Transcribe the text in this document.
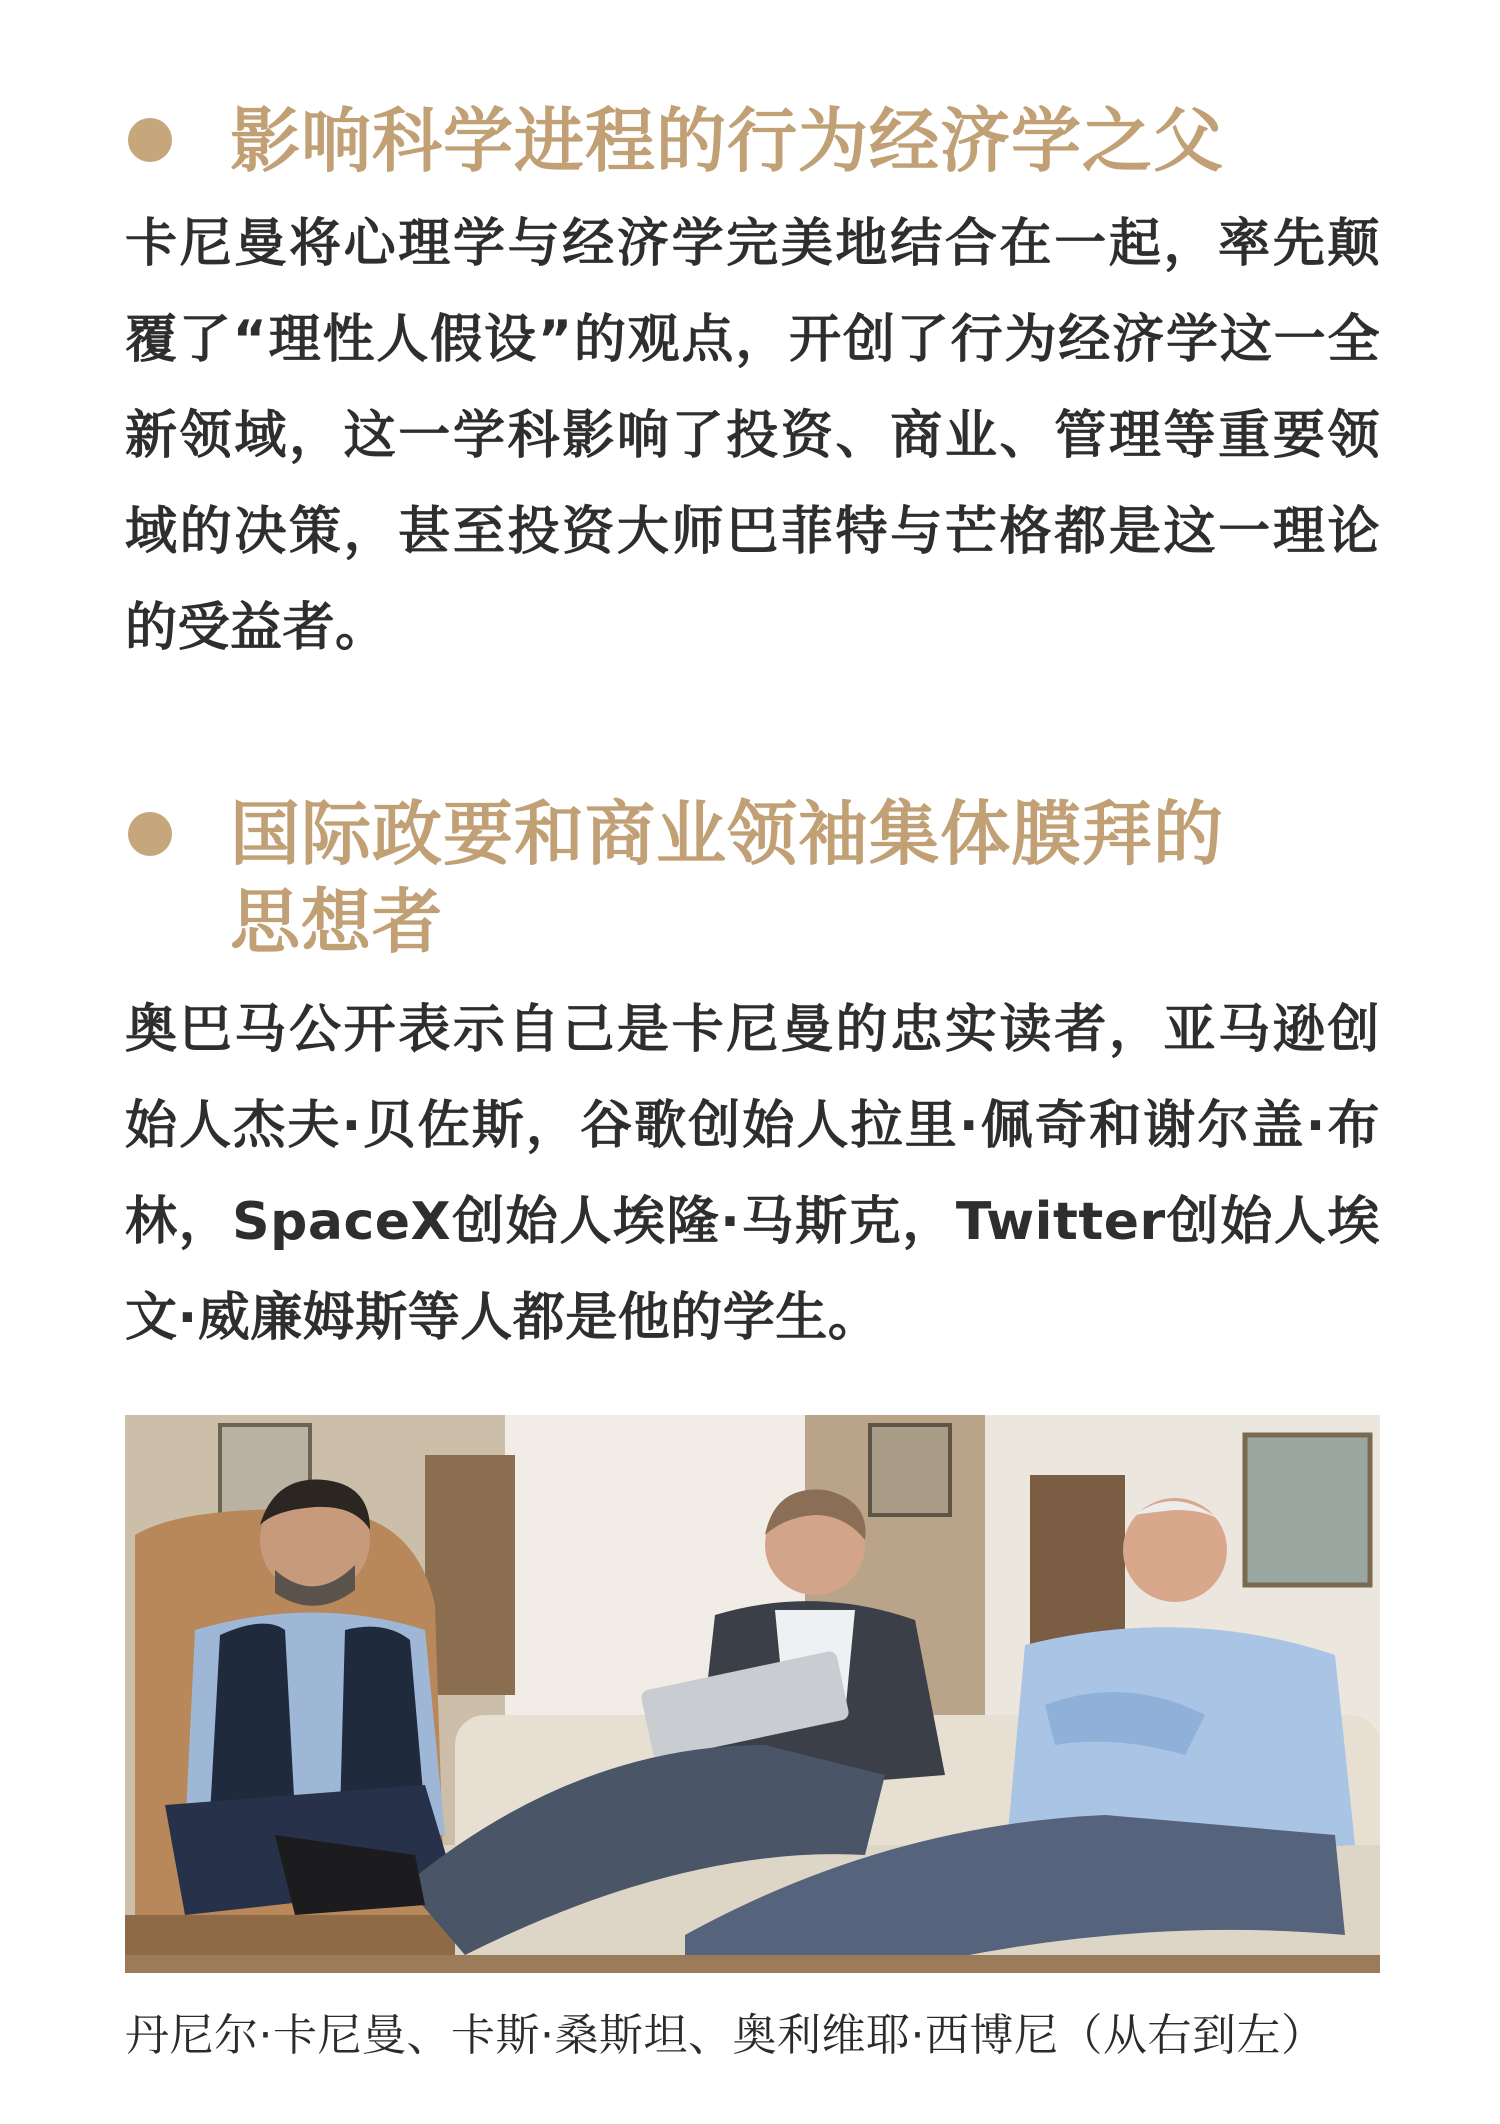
影响科学进程的行为经济学之父

卡尼曼将心理学与经济学完美地结合在一起，率先颠覆了“理性人假设”的观点，开创了行为经济学这一全新领域，这一学科影响了投资、商业、管理等重要领域的决策，甚至投资大师巴菲特与芒格都是这一理论的受益者。

国际政要和商业领袖集体膜拜的思想者

奥巴马公开表示自己是卡尼曼的忠实读者，亚马逊创始人杰夫·贝佐斯，谷歌创始人拉里·佩奇和谢尔盖·布林，SpaceX创始人埃隆·马斯克，Twitter创始人埃文·威廉姆斯等人都是他的学生。

丹尼尔·卡尼曼、卡斯·桑斯坦、奥利维耶·西博尼（从右到左）
